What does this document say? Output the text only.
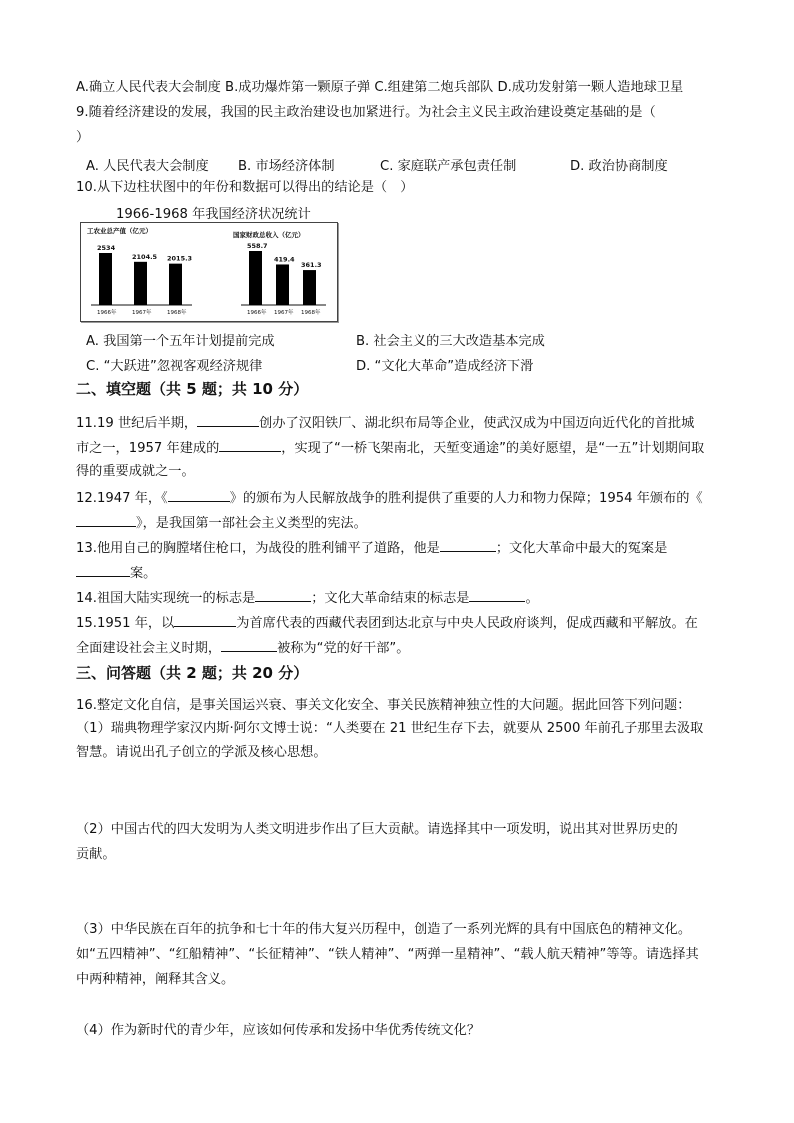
A.确立人民代表大会制度 B.成功爆炸第一颗原子弹 C.组建第二炮兵部队 D.成功发射第一颗人造地球卫星
9.随着经济建设的发展，我国的民主政治建设也加紧进行。为社会主义民主政治建设奠定基础的是（
）
A. 人民代表大会制度 B. 市场经济体制	C. 家庭联产承包责任制	D. 政治协商制度
10.从下边柱状图中的年份和数据可以得出的结论是（　）
1966-1968 年我国经济状况统计
工农业总产值（亿元）
2534
1966年
2104.5
1967年
2015.3
1968年
国家财政总收入（亿元）
558.7
1966年
419.4
1967年
361.3
1968年
A. 我国第一个五年计划提前完成	B. 社会主义的三大改造基本完成
C. “大跃进”忽视客观经济规律	D. “文化大革命”造成经济下滑
二、填空题（共 5 题；共 10 分）
11.19 世纪后半期，	创办了汉阳铁厂、湖北织布局等企业，使武汉成为中国迈向近代化的首批城
市之一，1957 年建成的	，实现了“一桥飞架南北，天堑变通途”的美好愿望，是“一五”计划期间取
得的重要成就之一。
12.1947 年，《	》的颁布为人民解放战争的胜利提供了重要的人力和物力保障；1954 年颁布的《
》，是我国第一部社会主义类型的宪法。
13.他用自己的胸膛堵住枪口，为战役的胜利铺平了道路，他是	；文化大革命中最大的冤案是
案。
14.祖国大陆实现统一的标志是	；文化大革命结束的标志是	。
15.1951 年，以	为首席代表的西藏代表团到达北京与中央人民政府谈判，促成西藏和平解放。在
全面建设社会主义时期，	被称为“党的好干部”。
三、问答题（共 2 题；共 20 分）
16.整定文化自信，是事关国运兴衰、事关文化安全、事关民族精神独立性的大问题。据此回答下列问题：
（1）瑞典物理学家汉内斯·阿尔文博士说：“人类要在 21 世纪生存下去，就要从 2500 年前孔子那里去汲取
智慧。请说出孔子创立的学派及核心思想。
（2）中国古代的四大发明为人类文明进步作出了巨大贡献。请选择其中一项发明，说出其对世界历史的
贡献。
（3）中华民族在百年的抗争和七十年的伟大复兴历程中，创造了一系列光辉的具有中国底色的精神文化。
如“五四精神”、“红船精神”、“长征精神”、“铁人精神”、“两弹一星精神”、“载人航天精神”等等。请选择其
中两种精神，阐释其含义。
（4）作为新时代的青少年，应该如何传承和发扬中华优秀传统文化？
